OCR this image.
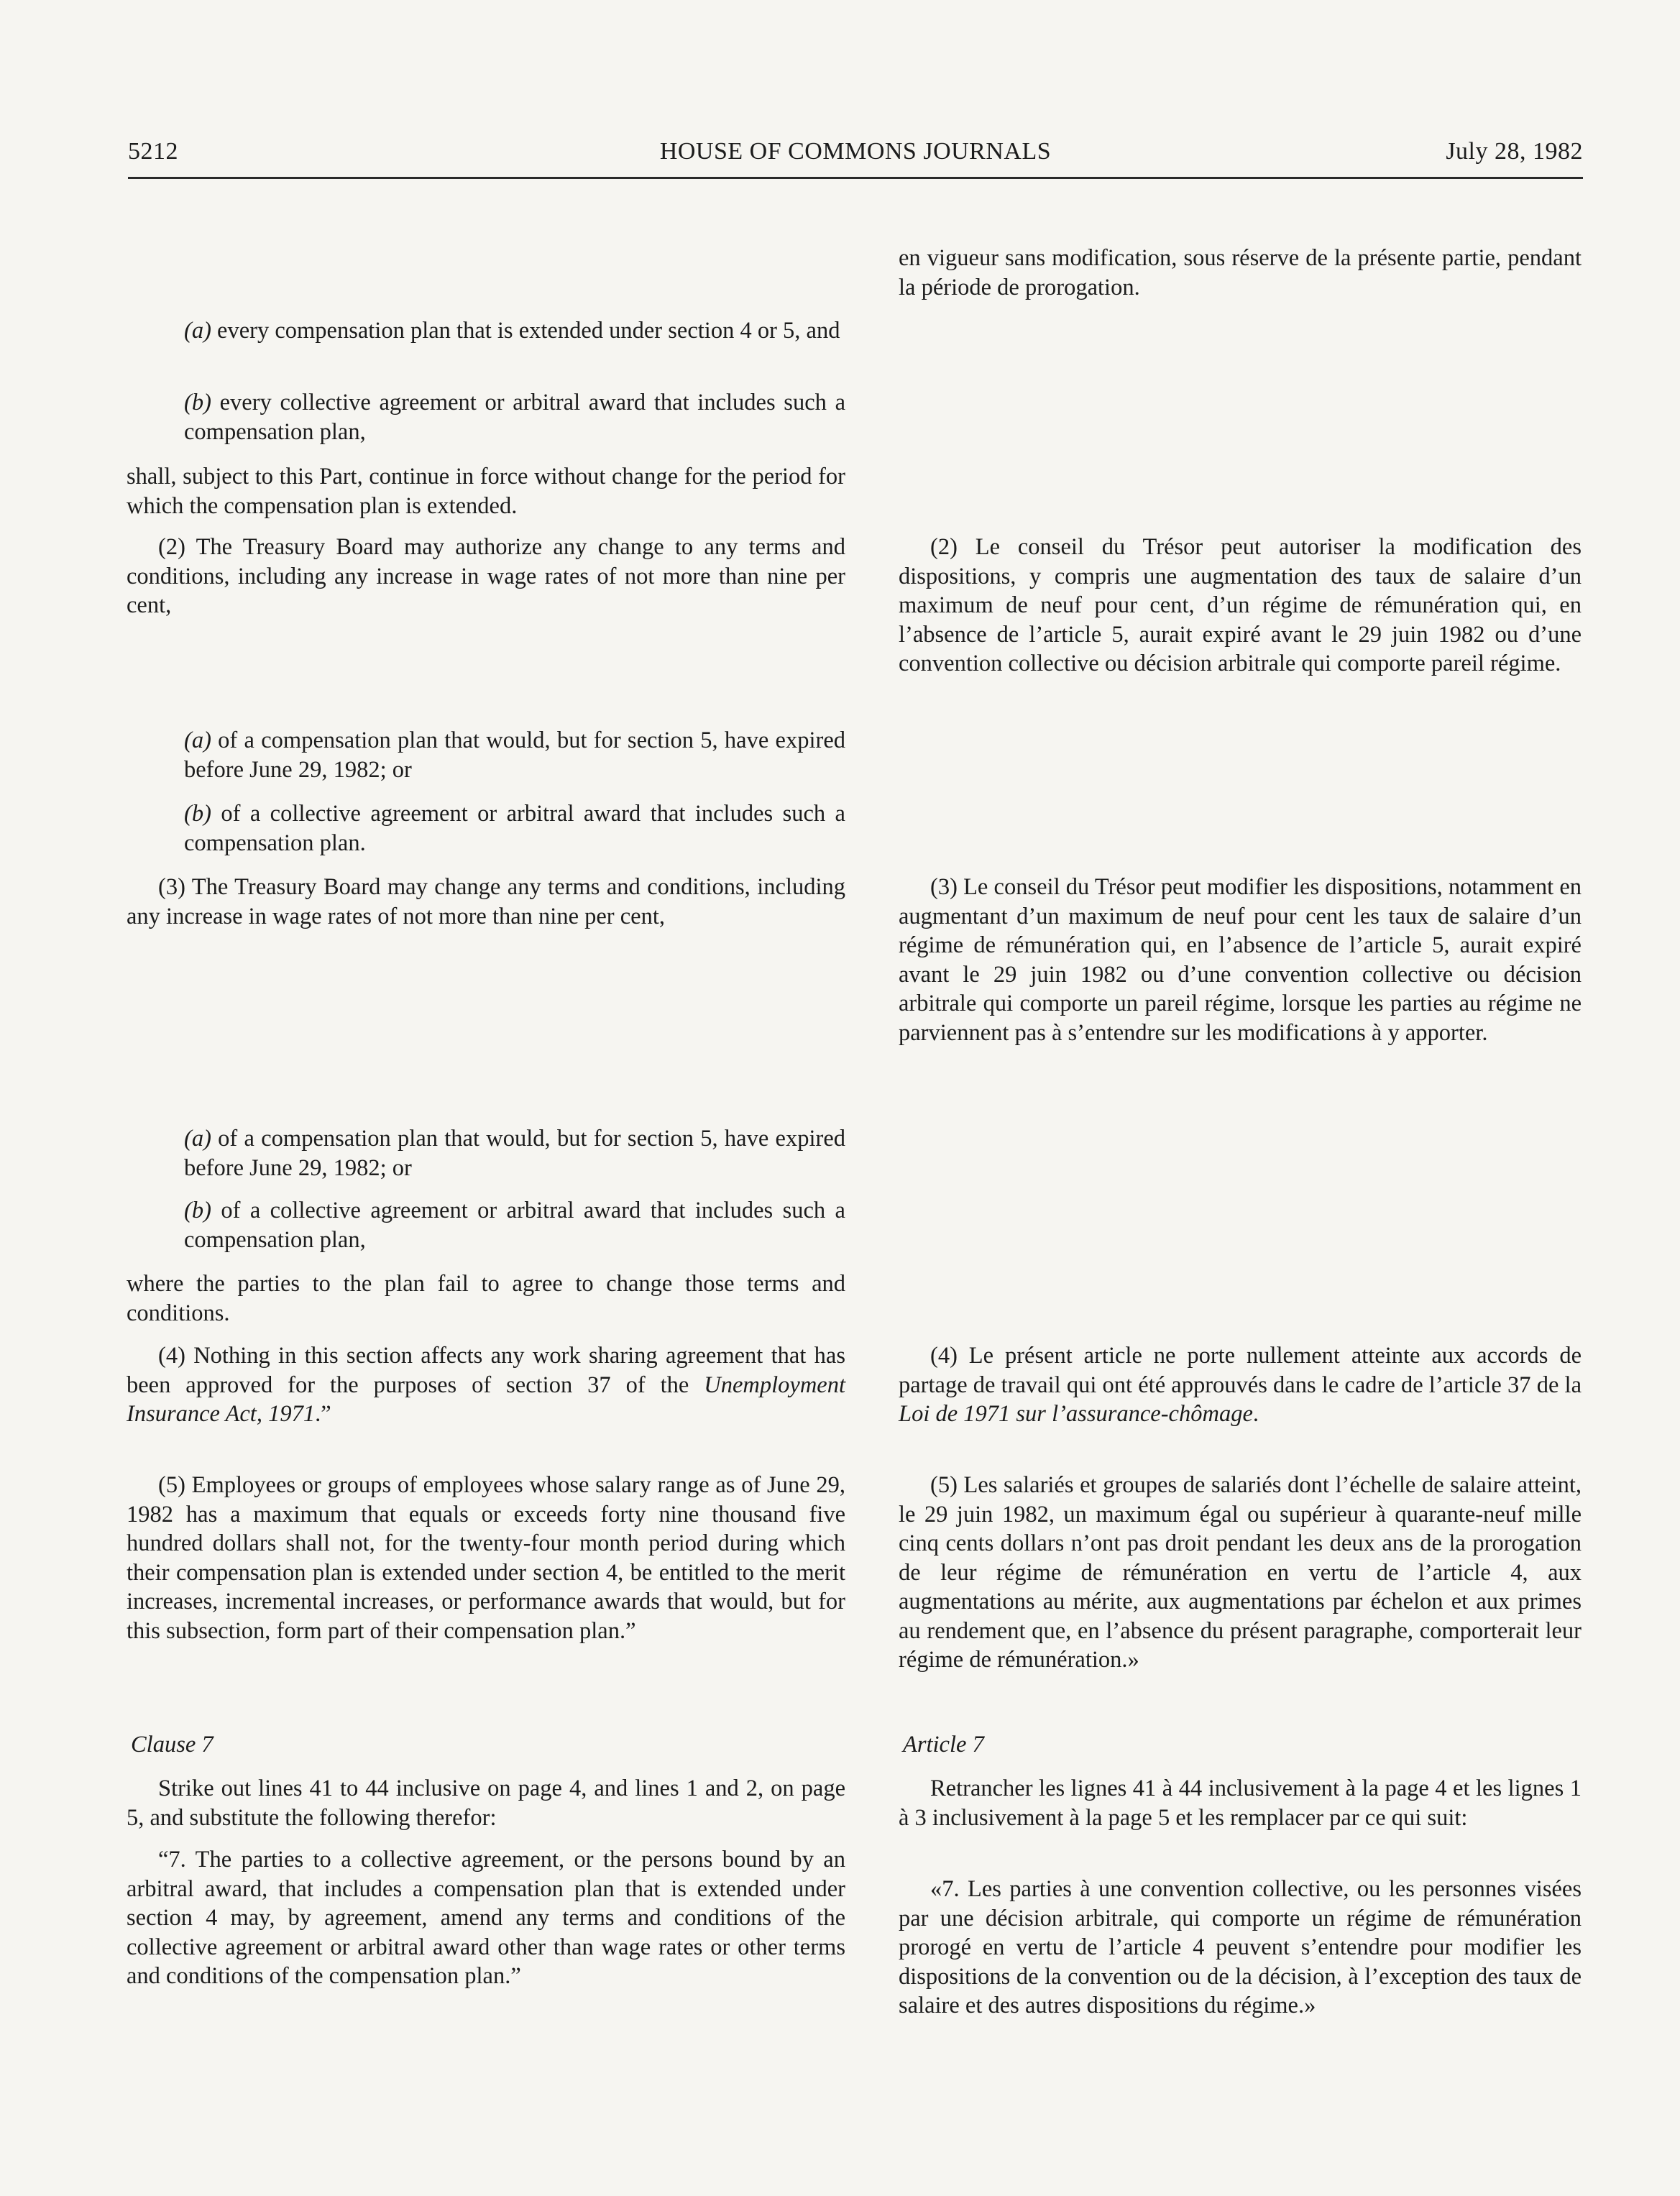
5212	HOUSE OF COMMONS JOURNALS	July 28, 1982

(a) every compensation plan that is extended under section 4 or 5, and

(b) every collective agreement or arbitral award that includes such a compensation plan,

shall, subject to this Part, continue in force without change for the period for which the compensation plan is extended.

(2) The Treasury Board may authorize any change to any terms and conditions, including any increase in wage rates of not more than nine per cent,

(a) of a compensation plan that would, but for section 5, have expired before June 29, 1982; or

(b) of a collective agreement or arbitral award that includes such a compensation plan.

(3) The Treasury Board may change any terms and conditions, including any increase in wage rates of not more than nine per cent,

(a) of a compensation plan that would, but for section 5, have expired before June 29, 1982; or

(b) of a collective agreement or arbitral award that includes such a compensation plan,

where the parties to the plan fail to agree to change those terms and conditions.

(4) Nothing in this section affects any work sharing agreement that has been approved for the purposes of section 37 of the Unemployment Insurance Act, 1971.”

(5) Employees or groups of employees whose salary range as of June 29, 1982 has a maximum that equals or exceeds forty nine thousand five hundred dollars shall not, for the twenty-four month period during which their compensation plan is extended under section 4, be entitled to the merit increases, incremental increases, or performance awards that would, but for this subsection, form part of their compensation plan.”

Clause 7

Strike out lines 41 to 44 inclusive on page 4, and lines 1 and 2, on page 5, and substitute the following therefor:

“7. The parties to a collective agreement, or the persons bound by an arbitral award, that includes a compensation plan that is extended under section 4 may, by agreement, amend any terms and conditions of the collective agreement or arbitral award other than wage rates or other terms and conditions of the compensation plan.”

en vigueur sans modification, sous réserve de la présente partie, pendant la période de prorogation.

(2) Le conseil du Trésor peut autoriser la modification des dispositions, y compris une augmentation des taux de salaire d’un maximum de neuf pour cent, d’un régime de rémunération qui, en l’absence de l’article 5, aurait expiré avant le 29 juin 1982 ou d’une convention collective ou décision arbitrale qui comporte pareil régime.

(3) Le conseil du Trésor peut modifier les dispositions, notamment en augmentant d’un maximum de neuf pour cent les taux de salaire d’un régime de rémunération qui, en l’absence de l’article 5, aurait expiré avant le 29 juin 1982 ou d’une convention collective ou décision arbitrale qui comporte un pareil régime, lorsque les parties au régime ne parviennent pas à s’entendre sur les modifications à y apporter.

(4) Le présent article ne porte nullement atteinte aux accords de partage de travail qui ont été approuvés dans le cadre de l’article 37 de la Loi de 1971 sur l’assurance-chômage.

(5) Les salariés et groupes de salariés dont l’échelle de salaire atteint, le 29 juin 1982, un maximum égal ou supérieur à quarante-neuf mille cinq cents dollars n’ont pas droit pendant les deux ans de la prorogation de leur régime de rémunération en vertu de l’article 4, aux augmentations au mérite, aux augmentations par échelon et aux primes au rendement que, en l’absence du présent paragraphe, comporterait leur régime de rémunération.»

Article 7

Retrancher les lignes 41 à 44 inclusivement à la page 4 et les lignes 1 à 3 inclusivement à la page 5 et les remplacer par ce qui suit:

«7. Les parties à une convention collective, ou les personnes visées par une décision arbitrale, qui comporte un régime de rémunération prorogé en vertu de l’article 4 peuvent s’entendre pour modifier les dispositions de la convention ou de la décision, à l’exception des taux de salaire et des autres dispositions du régime.»
